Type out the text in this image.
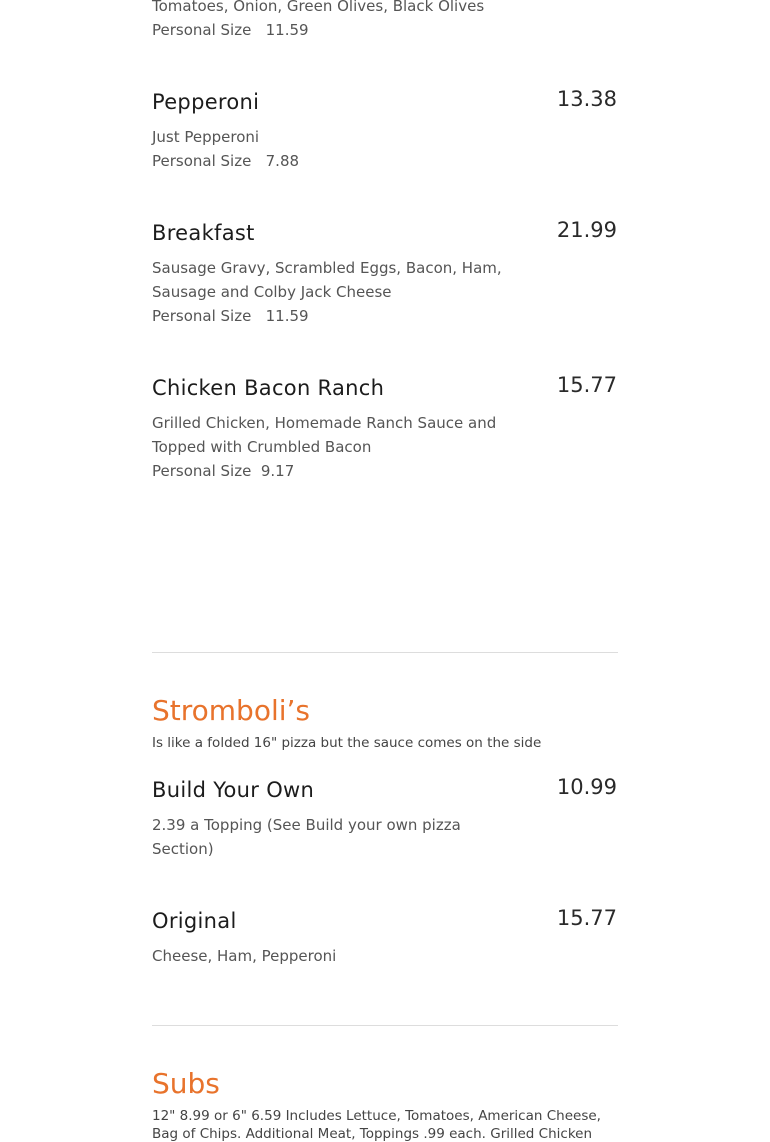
Tomatoes, Onion, Green Olives, Black Olives
Personal Size   11.59
Pepperoni	13.38
Just Pepperoni
Personal Size   7.88
Breakfast	21.99
Sausage Gravy, Scrambled Eggs, Bacon, Ham,
Sausage and Colby Jack Cheese
Personal Size   11.59
Chicken Bacon Ranch	15.77
Grilled Chicken, Homemade Ranch Sauce and
Topped with Crumbled Bacon
Personal Size  9.17
Stromboli’s
Is like a folded 16" pizza but the sauce comes on the side
Build Your Own	10.99
2.39 a Topping (See Build your own pizza
Section)
Original	15.77
Cheese, Ham, Pepperoni
Subs
12" 8.99 or 6" 6.59 Includes Lettuce, Tomatoes, American Cheese,
Bag of Chips. Additional Meat, Toppings .99 each. Grilled Chicken
